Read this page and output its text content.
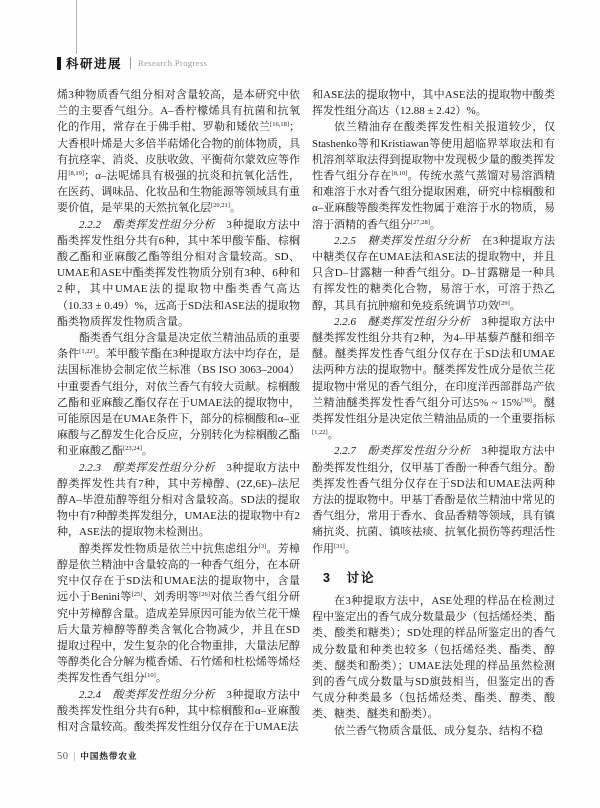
科研进展 Research Progress

烯3种物质香气组分相对含量较高，是本研究中依兰的主要香气组分。A–香柠檬烯具有抗菌和抗氧化的作用，常存在于佛手柑、罗勒和矮依兰[16,18]；大香根叶烯是大多倍半萜烯化合物的前体物质，具有抗痉挛、消炎、皮肤收敛、平衡荷尔蒙效应等作用[8,19]；α–法呢烯具有极强的抗炎和抗氧化活性，在医药、调味品、化妆品和生物能源等领域具有重要价值，是苹果的天然抗氧化层[20,21]。

2.2.2　酯类挥发性组分分析　3种提取方法中酯类挥发性组分共有6种，其中苯甲酸苄酯、棕榈酸乙酯和亚麻酸乙酯等组分相对含量较高。SD、UMAE和ASE中酯类挥发性物质分别有3种、6种和2种，其中UMAE法的提取物中酯类香气高达（10.33 ± 0.49）%，远高于SD法和ASE法的提取物酯类物质挥发性物质含量。

酯类香气组分含量是决定依兰精油品质的重要条件[1,22]。苯甲酸苄酯在3种提取方法中均存在，是法国标准协会制定依兰标准（BS ISO 3063–2004）中重要香气组分，对依兰香气有较大贡献。棕榈酸乙酯和亚麻酸乙酯仅存在于UMAE法的提取物中，可能原因是在UMAE条件下，部分的棕榈酸和α–亚麻酸与乙醇发生化合反应，分别转化为棕榈酸乙酯和亚麻酸乙酯[23,24]。

2.2.3　醇类挥发性组分分析　3种提取方法中醇类挥发性共有7种，其中芳樟醇、(2Z,6E)–法尼醇A–毕澄茄醇等组分相对含量较高。SD法的提取物中有7种醇类挥发组分，UMAE法的提取物中有2种，ASE法的提取物未检测出。

醇类挥发性物质是依兰中抗焦虑组分[3]。芳樟醇是依兰精油中含量较高的一种香气组分，在本研究中仅存在于SD法和UMAE法的提取物中，含量远小于Benini等[25]、刘秀明等[26]对依兰香气组分研究中芳樟醇含量。造成差异原因可能为依兰花干燥后大量芳樟醇等醇类含氧化合物减少，并且在SD提取过程中，发生复杂的化合物重排，大量法尼醇等醇类化合分解为榄香烯、石竹烯和杜松烯等烯烃类挥发性香气组分[10]。

2.2.4　酸类挥发性组分分析　3种提取方法中酸类挥发性组分共有6种，其中棕榈酸和α–亚麻酸相对含量较高。酸类挥发性组分仅存在于UMAE法

和ASE法的提取物中，其中ASE法的提取物中酸类挥发性组分高达（12.88 ± 2.42）%。

依兰精油存在酸类挥发性相关报道较少，仅Stashenko等和Kristiawan等使用超临界萃取法和有机溶剂萃取法得到提取物中发现极少量的酸类挥发性香气组分存在[8,10]。传统水蒸气蒸馏对易溶酒精和难溶于水对香气组分提取困难，研究中棕榈酸和α–亚麻酸等酸类挥发性物属于难溶于水的物质，易溶于酒精的香气组分[27,28]。

2.2.5　糖类挥发性组分分析　在3种提取方法中糖类仅存在UMAE法和ASE法的提取物中，并且只含D–甘露糖一种香气组分。D–甘露糖是一种具有挥发性的糖类化合物，易溶于水，可溶于热乙醇，其具有抗肿瘤和免疫系统调节功效[29]。

2.2.6　醚类挥发性组分分析　3种提取方法中醚类挥发性组分共有2种，为4–甲基藜芦醚和细辛醚。醚类挥发性香气组分仅存在于SD法和UMAE法两种方法的提取物中。醚类挥发性成分是依兰花提取物中常见的香气组分，在印度洋西部群岛产依兰精油醚类挥发性香气组分可达5% ~ 15%[30]。醚类挥发性组分是决定依兰精油品质的一个重要指标[1,22]。

2.2.7　酚类挥发性组分分析　3种提取方法中酚类挥发性组分，仅甲基丁香酚一种香气组分。酚类挥发性香气组分仅存在于SD法和UMAE法两种方法的提取物中。甲基丁香酚是依兰精油中常见的香气组分，常用于香水、食品香精等领域，具有镇痛抗炎、抗菌、镇咳祛痰、抗氧化损伤等药理活性作用[31]。

3　讨论

在3种提取方法中，ASE处理的样品在检测过程中鉴定出的香气成分数量最少（包括烯烃类、酯类、酸类和糖类）；SD处理的样品所鉴定出的香气成分数量和种类也较多（包括烯烃类、酯类、醇类、醚类和酚类）；UMAE法处理的样品虽然检测到的香气成分数量与SD旗鼓相当，但鉴定出的香气成分种类最多（包括烯烃类、酯类、醇类、酸类、糖类、醚类和酚类）。

依兰香气物质含量低、成分复杂、结构不稳

50 | 中国热带农业
